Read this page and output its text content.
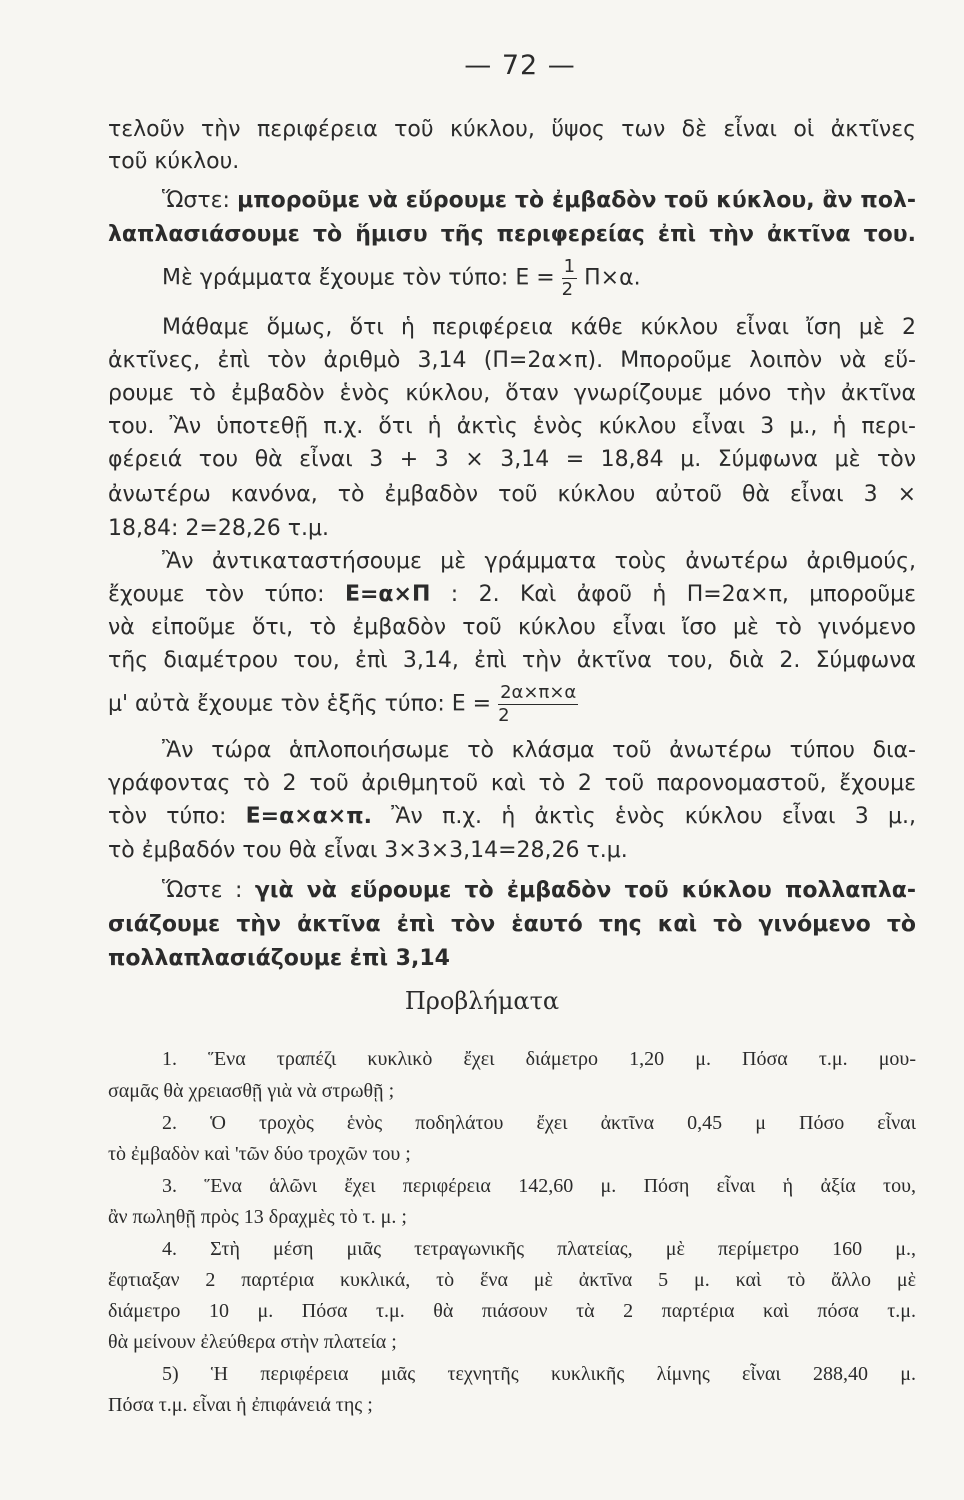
— 72 —
τελοῦν τὴν περιφέρεια τοῦ κύκλου, ὕψος των δὲ εἶναι οἱ ἀκτῖνες
τοῦ κύκλου.
Ὥστε: μποροῦμε νὰ εὕρουμε τὸ ἐμβαδὸν τοῦ κύκλου, ἂν πολ-
λαπλασιάσουμε τὸ ἥμισυ τῆς περιφερείας ἐπὶ τὴν ἀκτῖνα του.
Μὲ γράμματα ἔχουμε τὸν τύπο: $E = \frac{1}{2} \Pi\times\alpha$.
Μάθαμε ὅμως, ὅτι ἡ περιφέρεια κάθε κύκλου εἶναι ἴση μὲ 2
ἀκτῖνες, ἐπὶ τὸν ἀριθμὸ 3,14 (Π=2α×π). Μποροῦμε λοιπὸν νὰ εὕ-
ρουμε τὸ ἐμβαδὸν ἑνὸς κύκλου, ὅταν γνωρίζουμε μόνο τὴν ἀκτῖνα
του. Ἂν ὑποτεθῇ π.χ. ὅτι ἡ ἀκτὶς ἑνὸς κύκλου εἶναι 3 μ., ἡ περι-
φέρειά του θὰ εἶναι 3 + 3 × 3,14 = 18,84 μ. Σύμφωνα μὲ τὸν
ἀνωτέρω κανόνα, τὸ ἐμβαδὸν τοῦ κύκλου αὐτοῦ θὰ εἶναι 3 ×
18,84: 2=28,26 τ.μ.
Ἂν ἀντικαταστήσουμε μὲ γράμματα τοὺς ἀνωτέρω ἀριθμούς,
ἔχουμε τὸν τύπο: Ε=α×Π : 2. Καὶ ἀφοῦ ἡ Π=2α×π, μποροῦμε
νὰ εἰποῦμε ὅτι, τὸ ἐμβαδὸν τοῦ κύκλου εἶναι ἴσο μὲ τὸ γινόμενο
τῆς διαμέτρου του, ἐπὶ 3,14, ἐπὶ τὴν ἀκτῖνα του, διὰ 2. Σύμφωνα
μ' αὐτὰ ἔχουμε τὸν ἑξῆς τύπο: $E = \frac{2\alpha\times\pi\times\alpha}{2}$
Ἂν τώρα ἁπλοποιήσωμε τὸ κλάσμα τοῦ ἀνωτέρω τύπου δια-
γράφοντας τὸ 2 τοῦ ἀριθμητοῦ καὶ τὸ 2 τοῦ παρονομαστοῦ, ἔχουμε
τὸν τύπο: Ε=α×α×π. Ἂν π.χ. ἡ ἀκτὶς ἑνὸς κύκλου εἶναι 3 μ.,
τὸ ἐμβαδόν του θὰ εἶναι 3×3×3,14=28,26 τ.μ.
Ὥστε : γιὰ νὰ εὕρουμε τὸ ἐμβαδὸν τοῦ κύκλου πολλαπλα-
σιάζουμε τὴν ἀκτῖνα ἐπὶ τὸν ἑαυτό της καὶ τὸ γινόμενο τὸ
πολλαπλασιάζουμε ἐπὶ 3,14
Προβλήματα
1. Ἕνα τραπέζι κυκλικὸ ἔχει διάμετρο 1,20 μ. Πόσα τ.μ. μου-
σαμᾶς θὰ χρειασθῇ γιὰ νὰ στρωθῇ ;
2. Ὁ τροχὸς ἑνὸς ποδηλάτου ἔχει ἀκτῖνα 0,45 μ Πόσο εἶναι
τὸ ἐμβαδὸν καὶ 'τῶν δύο τροχῶν του ;
3. Ἕνα ἁλῶνι ἔχει περιφέρεια 142,60 μ. Πόση εἶναι ἡ ἀξία του,
ἂν πωληθῇ πρὸς 13 δραχμὲς τὸ τ. μ. ;
4. Στὴ μέση μιᾶς τετραγωνικῆς πλατείας, μὲ περίμετρο 160 μ.,
ἔφτιαξαν 2 παρτέρια κυκλικά, τὸ ἕνα μὲ ἀκτῖνα 5 μ. καὶ τὸ ἄλλο μὲ
διάμετρο 10 μ. Πόσα τ.μ. θὰ πιάσουν τὰ 2 παρτέρια καὶ πόσα τ.μ.
θὰ μείνουν ἐλεύθερα στὴν πλατεία ;
5) Ἡ περιφέρεια μιᾶς τεχνητῆς κυκλικῆς λίμνης εἶναι 288,40 μ.
Πόσα τ.μ. εἶναι ἡ ἐπιφάνειά της ;
